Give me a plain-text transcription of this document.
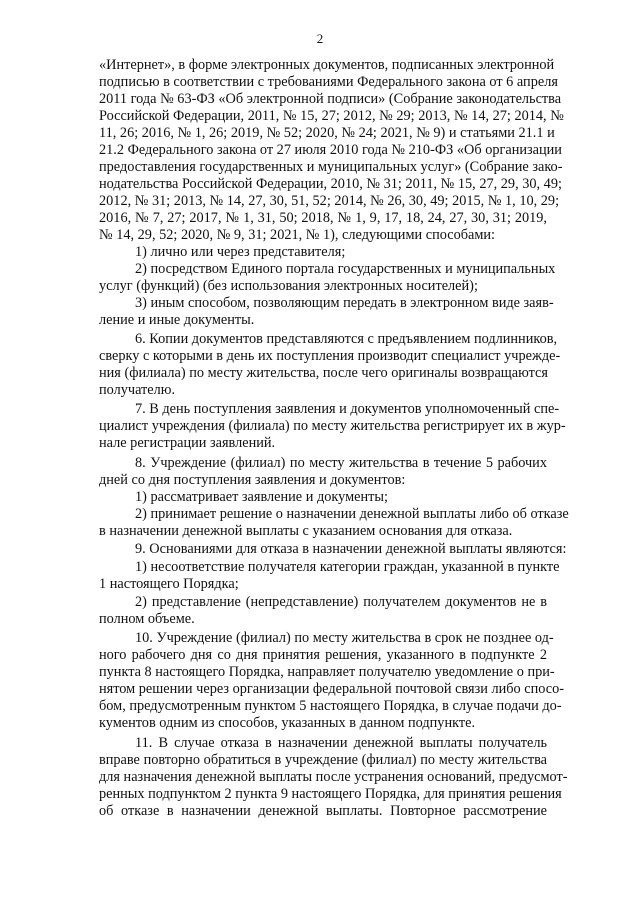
2
«Интернет», в форме электронных документов, подписанных электронной
подписью в соответствии с требованиями Федерального закона от 6 апреля
2011 года № 63-ФЗ «Об электронной подписи» (Собрание законодательства
Российской Федерации, 2011, № 15, 27; 2012, № 29; 2013, № 14, 27; 2014, №
11, 26; 2016, № 1, 26; 2019, № 52; 2020, № 24; 2021, № 9) и статьями 21.1 и
21.2 Федерального закона от 27 июля 2010 года № 210-ФЗ «Об организации
предоставления государственных и муниципальных услуг» (Собрание зако-
нодательства Российской Федерации, 2010, № 31; 2011, № 15, 27, 29, 30, 49;
2012, № 31; 2013, № 14, 27, 30, 51, 52; 2014, № 26, 30, 49; 2015, № 1, 10, 29;
2016, № 7, 27; 2017, № 1, 31, 50; 2018, № 1, 9, 17, 18, 24, 27, 30, 31; 2019,
№ 14, 29, 52; 2020, № 9, 31; 2021, № 1), следующими способами:
1) лично или через представителя;
2) посредством Единого портала государственных и муниципальных
услуг (функций) (без использования электронных носителей);
3) иным способом, позволяющим передать в электронном виде заяв-
ление и иные документы.
6. Копии документов представляются с предъявлением подлинников,
сверку с которыми в день их поступления производит специалист учрежде-
ния (филиала) по месту жительства, после чего оригиналы возвращаются
получателю.
7. В день поступления заявления и документов уполномоченный спе-
циалист учреждения (филиала) по месту жительства регистрирует их в жур-
нале регистрации заявлений.
8. Учреждение (филиал) по месту жительства в течение 5 рабочих
дней со дня поступления заявления и документов:
1) рассматривает заявление и документы;
2) принимает решение о назначении денежной выплаты либо об отказе
в назначении денежной выплаты с указанием основания для отказа.
9. Основаниями для отказа в назначении денежной выплаты являются:
1) несоответствие получателя категории граждан, указанной в пункте
1 настоящего Порядка;
2) представление (непредставление) получателем документов не в
полном объеме.
10. Учреждение (филиал) по месту жительства в срок не позднее од-
ного рабочего дня со дня принятия решения, указанного в подпункте 2
пункта 8 настоящего Порядка, направляет получателю уведомление о при-
нятом решении через организации федеральной почтовой связи либо спосо-
бом, предусмотренным пунктом 5 настоящего Порядка, в случае подачи до-
кументов одним из способов, указанных в данном подпункте.
11. В случае отказа в назначении денежной выплаты получатель
вправе повторно обратиться в учреждение (филиал) по месту жительства
для назначения денежной выплаты после устранения оснований, предусмот-
ренных подпунктом 2 пункта 9 настоящего Порядка, для принятия решения
об отказе в назначении денежной выплаты. Повторное рассмотрение
